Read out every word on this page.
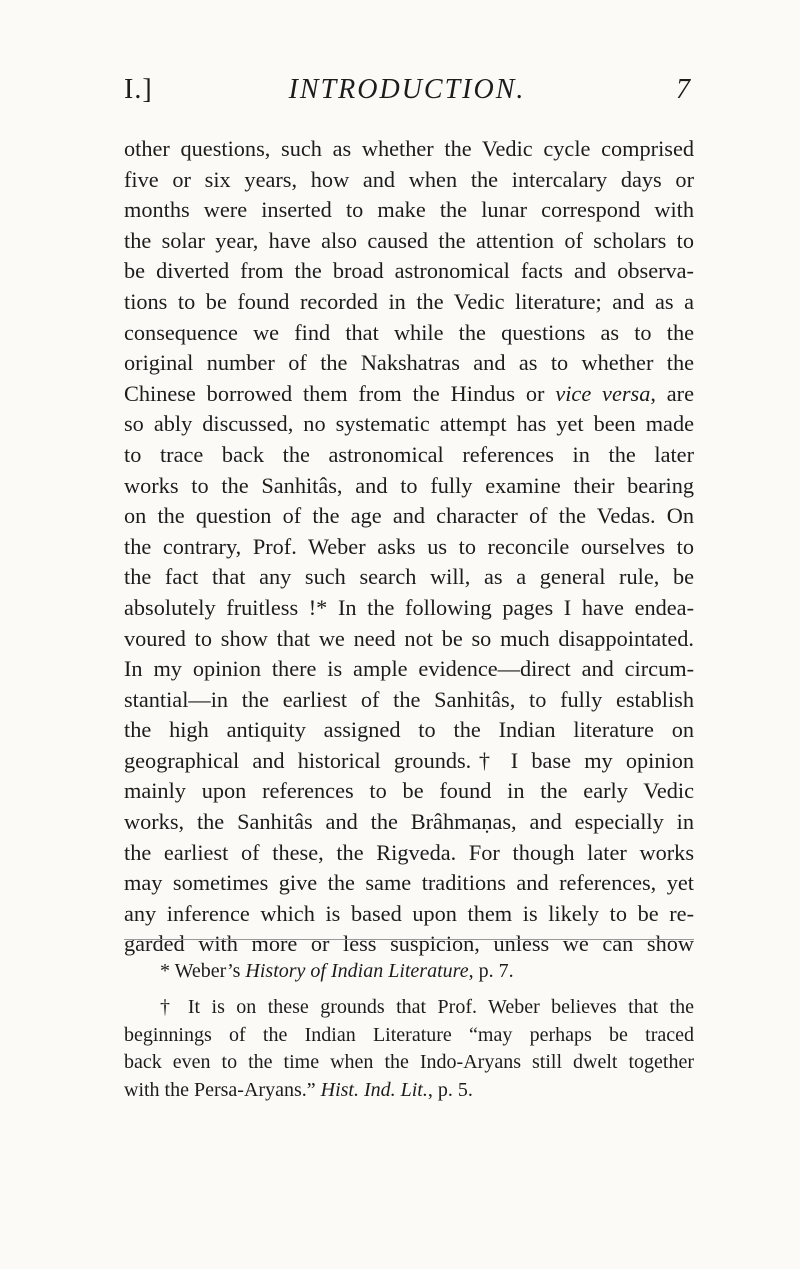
I.]	INTRODUCTION.	7
other questions, such as whether the Vedic cycle comprised
five or six years, how and when the intercalary days or
months were inserted to make the lunar correspond with
the solar year, have also caused the attention of scholars to
be diverted from the broad astronomical facts and observa-
tions to be found recorded in the Vedic literature; and as a
consequence we find that while the questions as to the
original number of the Nakshatras and as to whether the
Chinese borrowed them from the Hindus or vice versa, are
so ably discussed, no systematic attempt has yet been made
to trace back the astronomical references in the later
works to the Sanhitâs, and to fully examine their bearing
on the question of the age and character of the Vedas. On
the contrary, Prof. Weber asks us to reconcile ourselves to
the fact that any such search will, as a general rule, be
absolutely fruitless !* In the following pages I have endea-
voured to show that we need not be so much disappointated.
In my opinion there is ample evidence—direct and circum-
stantial—in the earliest of the Sanhitâs, to fully establish
the high antiquity assigned to the Indian literature on
geographical and historical grounds.† I base my opinion
mainly upon references to be found in the early Vedic
works, the Sanhitâs and the Brâhmaṇas, and especially in
the earliest of these, the Rigveda. For though later works
may sometimes give the same traditions and references, yet
any inference which is based upon them is likely to be re-
garded with more or less suspicion, unless we can show
* Weber’s History of Indian Literature, p. 7.
† It is on these grounds that Prof. Weber believes that the
beginnings of the Indian Literature “may perhaps be traced
back even to the time when the Indo-Aryans still dwelt together
with the Persa-Aryans.” Hist. Ind. Lit., p. 5.
